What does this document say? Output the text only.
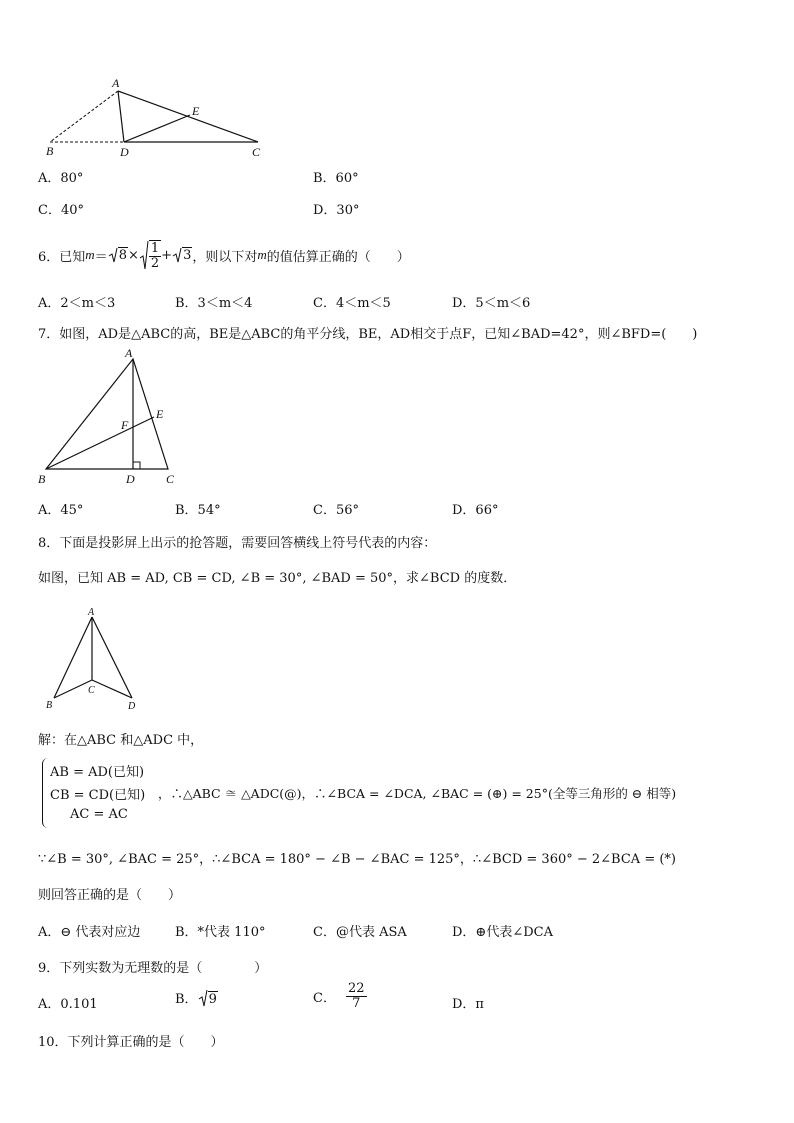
A
E
B	D	C
A．80°	B．60°
C．40°	D．30°
6．已知 $m = 8 \times \frac{1}{2} + 3$ ，则以下对 m 的值估算正确的（　　）
A．2＜m＜3	B．3＜m＜4	C．4＜m＜5	D．5＜m＜6
7．如图，AD是△ABC的高，BE是△ABC的角平分线，BE，AD相交于点F，已知∠BAD=42°，则∠BFD=(　　)
A
E
F
B	D	C
A．45°	B．54°	C．56°	D．66°
8．下面是投影屏上出示的抢答题，需要回答横线上符号代表的内容：
如图，已知 AB = AD, CB = CD, ∠B = 30°, ∠BAD = 50°，求∠BCD 的度数．
A
B
C
D
解：在△ABC 和△ADC 中，
AB = AD(已知)
CB = CD(已知)
AC = AC
，∴△ABC ≅ △ADC(@)，∴∠BCA = ∠DCA, ∠BAC = (⊕) = 25°(全等三角形的 ⊖ 相等)
∵∠B = 30°, ∠BAC = 25°，∴∠BCA = 180° − ∠B − ∠BAC = 125°，∴∠BCD = 360° − 2∠BCA = (*)
则回答正确的是（　　）
A．⊖ 代表对应边	B．*代表 110°	C．@代表 ASA	D．⊕代表∠DCA
9．下列实数为无理数的是（　　　　）
A．0.101	B． 9	C． $\frac{22}{7}$	D．π
10．下列计算正确的是（　　）
